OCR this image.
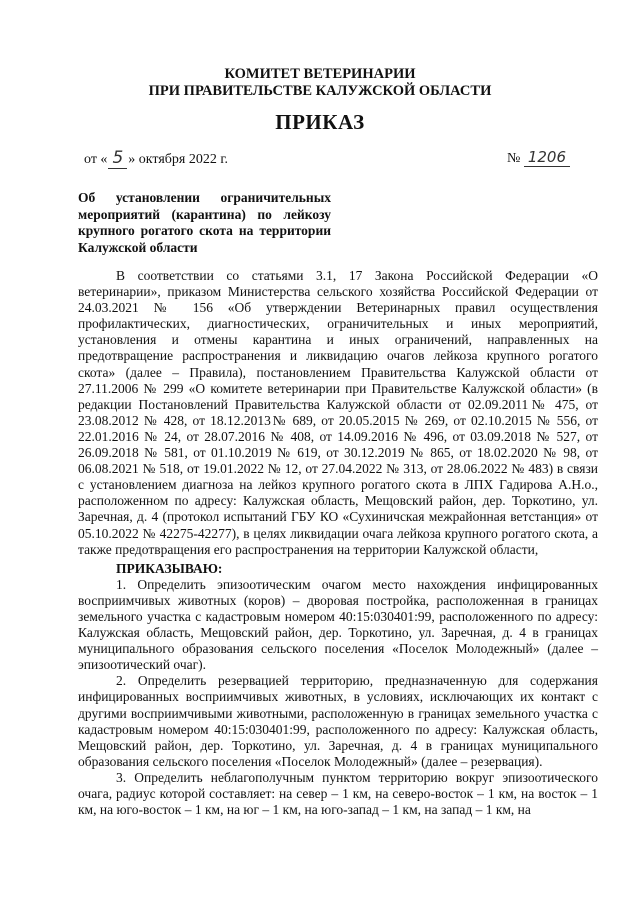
КОМИТЕТ ВЕТЕРИНАРИИ
ПРИ ПРАВИТЕЛЬСТВЕ КАЛУЖСКОЙ ОБЛАСТИ
ПРИКАЗ
от « 5 » октября 2022 г.	№ 1206
Об установлении ограничительных мероприятий (карантина) по лейкозу крупного рогатого скота на территории Калужской области

В соответствии со статьями 3.1, 17 Закона Российской Федерации «О ветеринарии», приказом Министерства сельского хозяйства Российской Федерации от 24.03.2021 № 156 «Об утверждении Ветеринарных правил осуществления профилактических, диагностических, ограничительных и иных мероприятий, установления и отмены карантина и иных ограничений, направленных на предотвращение распространения и ликвидацию очагов лейкоза крупного рогатого скота» (далее – Правила), постановлением Правительства Калужской области от 27.11.2006 № 299 «О комитете ветеринарии при Правительстве Калужской области» (в редакции Постановлений Правительства Калужской области от 02.09.2011№ 475, от 23.08.2012 № 428, от 18.12.2013№ 689, от 20.05.2015 № 269, от 02.10.2015 № 556, от 22.01.2016 № 24, от 28.07.2016 № 408, от 14.09.2016 № 496, от 03.09.2018 № 527, от 26.09.2018 № 581, от 01.10.2019 № 619, от 30.12.2019 № 865, от 18.02.2020 № 98, от 06.08.2021 № 518, от 19.01.2022 № 12, от 27.04.2022 № 313, от 28.06.2022 № 483) в связи с установлением диагноза на лейкоз крупного рогатого скота в ЛПХ Гадирова А.Н.о., расположенном по адресу: Калужская область, Мещовский район, дер. Торкотино, ул. Заречная, д. 4 (протокол испытаний ГБУ КО «Сухиничская межрайонная ветстанция» от 05.10.2022 № 42275-42277), в целях ликвидации очага лейкоза крупного рогатого скота, а также предотвращения его распространения на территории Калужской области,

ПРИКАЗЫВАЮ:

1. Определить эпизоотическим очагом место нахождения инфицированных восприимчивых животных (коров) – дворовая постройка, расположенная в границах земельного участка с кадастровым номером 40:15:030401:99, расположенного по адресу: Калужская область, Мещовский район, дер. Торкотино, ул. Заречная, д. 4 в границах муниципального образования сельского поселения «Поселок Молодежный» (далее – эпизоотический очаг).

2. Определить резервацией территорию, предназначенную для содержания инфицированных восприимчивых животных, в условиях, исключающих их контакт с другими восприимчивыми животными, расположенную в границах земельного участка с кадастровым номером 40:15:030401:99, расположенного по адресу: Калужская область, Мещовский район, дер. Торкотино, ул. Заречная, д. 4 в границах муниципального образования сельского поселения «Поселок Молодежный» (далее – резервация).

3. Определить неблагополучным пунктом территорию вокруг эпизоотического очага, радиус которой составляет: на север – 1 км, на северо-восток – 1 км, на восток – 1 км, на юго-восток – 1 км, на юг – 1 км, на юго-запад – 1 км, на запад – 1 км, на
